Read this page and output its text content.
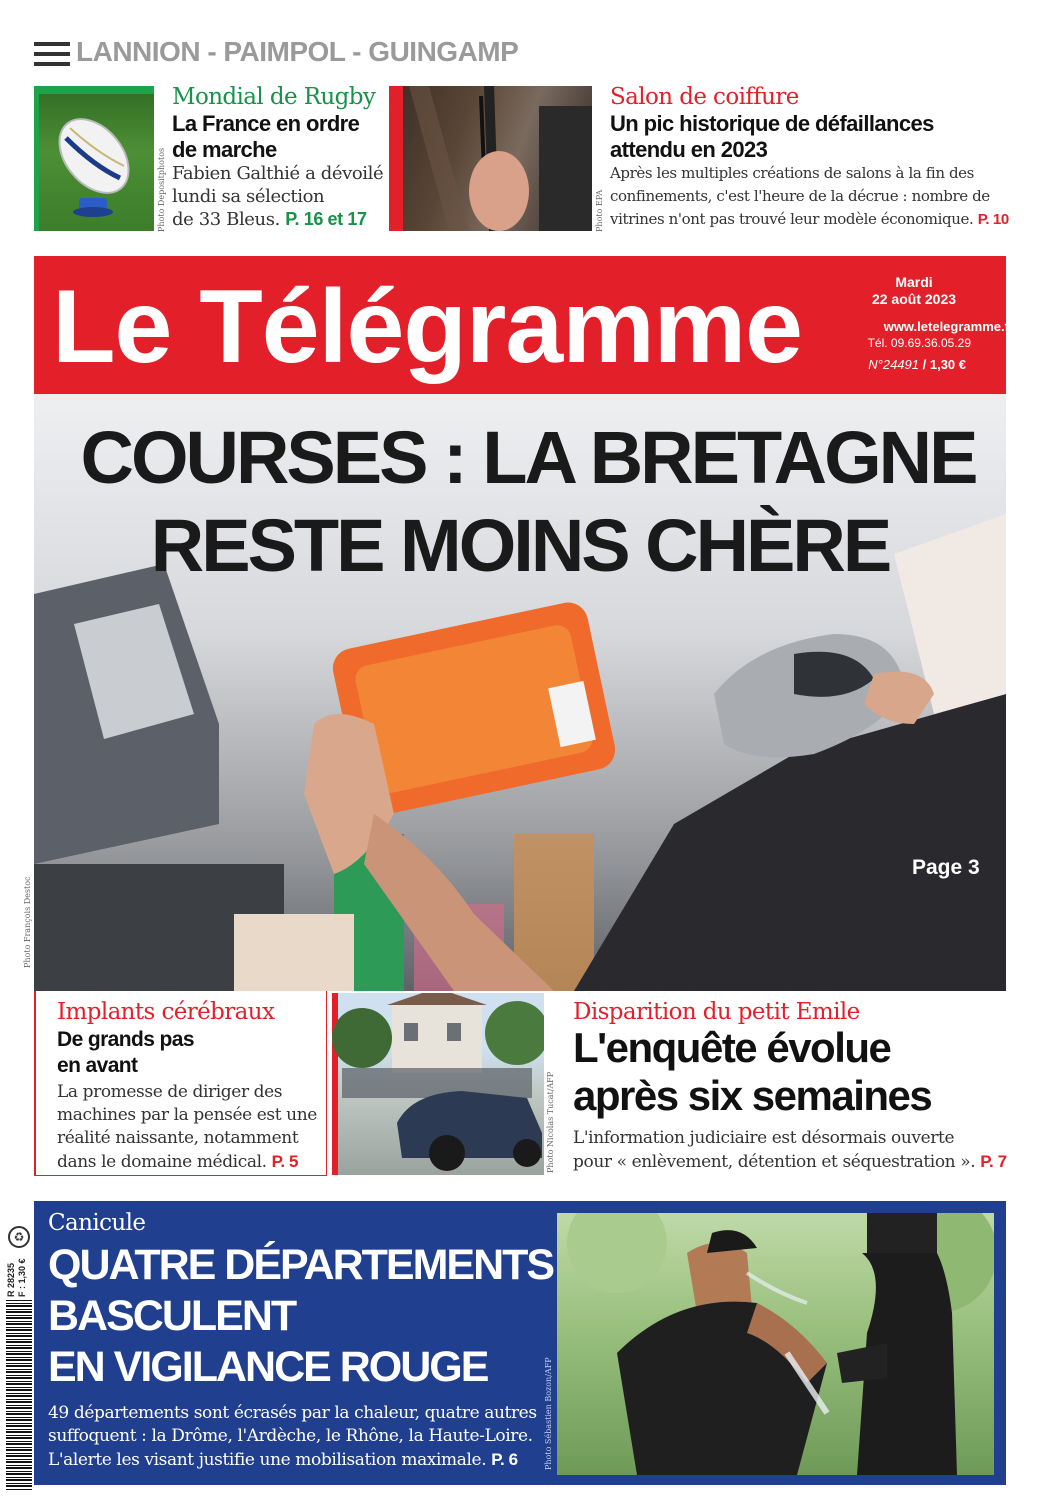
LANNION - PAIMPOL - GUINGAMP
Photo Depositphotos
Mondial de Rugby
La France en ordre
de marche
Fabien Galthié a dévoilé
lundi sa sélection
de 33 Bleus. P. 16 et 17	Photo EPA
Salon de coiffure
Un pic historique de défaillances
attendu en 2023
Après les multiples créations de salons à la fin des
confinements, c'est l'heure de la décrue : nombre de
vitrines n'ont pas trouvé leur modèle économique. P. 10
Le Télégramme	Mardi
22 août 2023
www.letelegramme.fr
Tél. 09.69.36.05.29
N°24491 / 1,30 €
Photo François Destoc
COURSES : LA BRETAGNE
RESTE MOINS CHÈRE
Page 3
Implants cérébraux
De grands pas
en avant
La promesse de diriger des
machines par la pensée est une
réalité naissante, notamment
dans le domaine médical. P. 5	Photo Nicolas Tucat/AFP
Disparition du petit Emile
L'enquête évolue
après six semaines
L'information judiciaire est désormais ouverte
pour « enlèvement, détention et séquestration ». P. 7
Canicule
QUATRE DÉPARTEMENTS
BASCULENT
EN VIGILANCE ROUGE
49 départements sont écrasés par la chaleur, quatre autres
suffoquent : la Drôme, l'Ardèche, le Rhône, la Haute-Loire.
L'alerte les visant justifie une mobilisation maximale. P. 6	Photo Sébastien Bozon/AFP
R 28235 F : 1,30 €
♻
